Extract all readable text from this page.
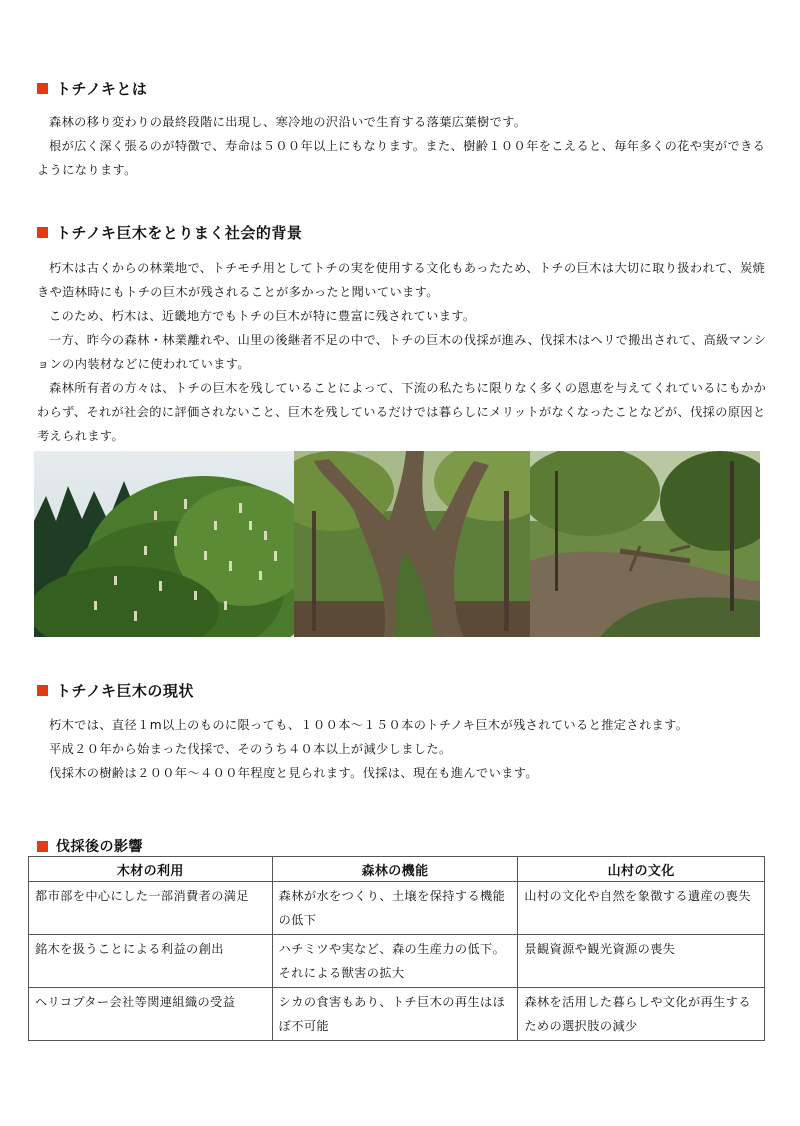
トチノキとは

森林の移り変わりの最終段階に出現し、寒冷地の沢沿いで生育する落葉広葉樹です。

根が広く深く張るのが特徴で、寿命は５００年以上にもなります。また、樹齢１００年をこえると、毎年多くの花や実ができるようになります。

トチノキ巨木をとりまく社会的背景

朽木は古くからの林業地で、トチモチ用としてトチの実を使用する文化もあったため、トチの巨木は大切に取り扱われて、炭焼きや造林時にもトチの巨木が残されることが多かったと聞いています。

このため、朽木は、近畿地方でもトチの巨木が特に豊富に残されています。

一方、昨今の森林・林業離れや、山里の後継者不足の中で、トチの巨木の伐採が進み、伐採木はヘリで搬出されて、高級マンションの内装材などに使われています。

森林所有者の方々は、トチの巨木を残していることによって、下流の私たちに限りなく多くの恩恵を与えてくれているにもかかわらず、それが社会的に評価されないこと、巨木を残しているだけでは暮らしにメリットがなくなったことなどが、伐採の原因と考えられます。

トチノキ巨木の現状

朽木では、直径１m以上のものに限っても、１００本～１５０本のトチノキ巨木が残されていると推定されます。

平成２０年から始まった伐採で、そのうち４０本以上が減少しました。

伐採木の樹齢は２００年～４００年程度と見られます。伐採は、現在も進んでいます。

伐採後の影響
木材の利用	森林の機能	山村の文化
都市部を中心にした一部消費者の満足	森林が水をつくり、土壌を保持する機能の低下	山村の文化や自然を象徴する遺産の喪失
銘木を扱うことによる利益の創出	ハチミツや実など、森の生産力の低下。それによる獣害の拡大	景観資源や観光資源の喪失
ヘリコプター会社等関連組織の受益	シカの食害もあり、トチ巨木の再生はほぼ不可能	森林を活用した暮らしや文化が再生するための選択肢の減少
